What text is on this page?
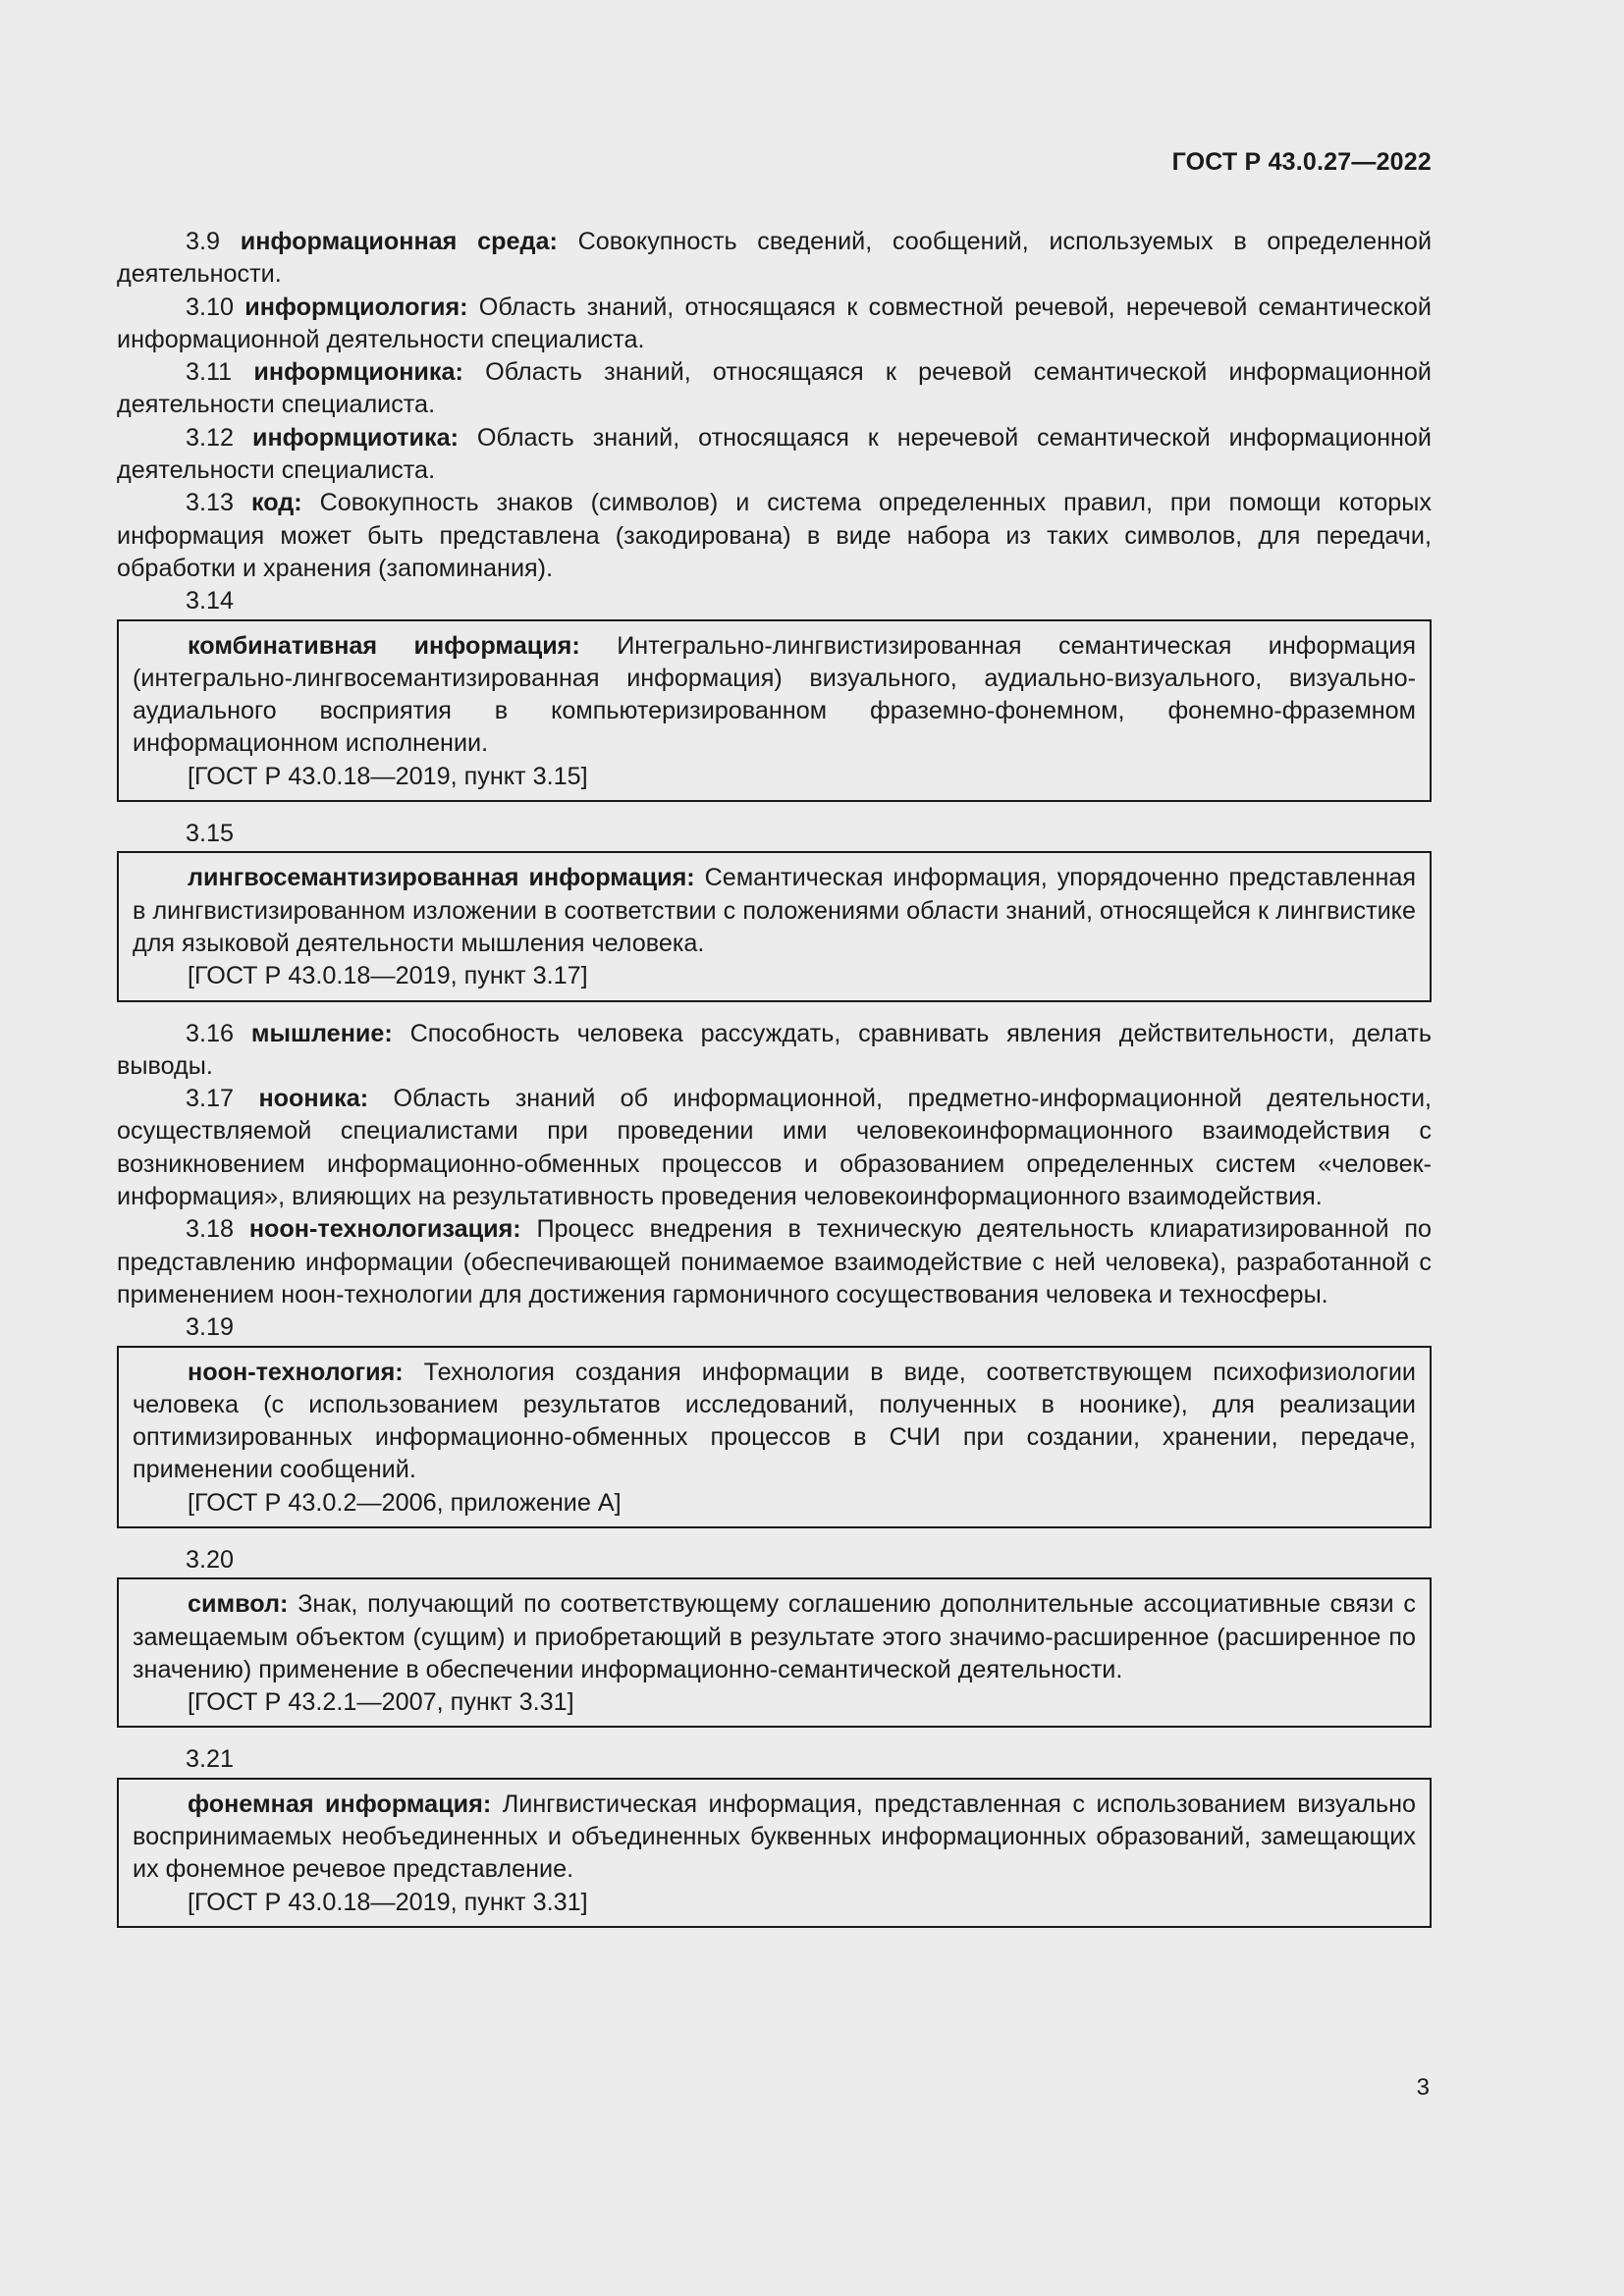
ГОСТ Р 43.0.27—2022

3.9 информационная среда: Совокупность сведений, сообщений, используемых в определенной деятельности.

3.10 информциология: Область знаний, относящаяся к совместной речевой, неречевой семантической информационной деятельности специалиста.

3.11 информционика: Область знаний, относящаяся к речевой семантической информационной деятельности специалиста.

3.12 информциотика: Область знаний, относящаяся к неречевой семантической информационной деятельности специалиста.

3.13 код: Совокупность знаков (символов) и система определенных правил, при помощи которых информация может быть представлена (закодирована) в виде набора из таких символов, для передачи, обработки и хранения (запоминания).

3.14

комбинативная информация: Интегрально-лингвистизированная семантическая информация (интегрально-лингвосемантизированная информация) визуального, аудиально-визуального, визуально-аудиального восприятия в компьютеризированном фраземно-фонемном, фонемно-фраземном информационном исполнении.

[ГОСТ Р 43.0.18—2019, пункт 3.15]

3.15

лингвосемантизированная информация: Семантическая информация, упорядоченно представленная в лингвистизированном изложении в соответствии с положениями области знаний, относящейся к лингвистике для языковой деятельности мышления человека.

[ГОСТ Р 43.0.18—2019, пункт 3.17]

3.16 мышление: Способность человека рассуждать, сравнивать явления действительности, делать выводы.

3.17 нооника: Область знаний об информационной, предметно-информационной деятельности, осуществляемой специалистами при проведении ими человекоинформационного взаимодействия с возникновением информационно-обменных процессов и образованием определенных систем «человек-информация», влияющих на результативность проведения человекоинформационного взаимодействия.

3.18 ноон-технологизация: Процесс внедрения в техническую деятельность клиаратизированной по представлению информации (обеспечивающей понимаемое взаимодействие с ней человека), разработанной с применением ноон-технологии для достижения гармоничного сосуществования человека и техносферы.

3.19

ноон-технология: Технология создания информации в виде, соответствующем психофизиологии человека (с использованием результатов исследований, полученных в ноонике), для реализации оптимизированных информационно-обменных процессов в СЧИ при создании, хранении, передаче, применении сообщений.

[ГОСТ Р 43.0.2—2006, приложение А]

3.20

символ: Знак, получающий по соответствующему соглашению дополнительные ассоциативные связи с замещаемым объектом (сущим) и приобретающий в результате этого значимо-расширенное (расширенное по значению) применение в обеспечении информационно-семантической деятельности.

[ГОСТ Р 43.2.1—2007, пункт 3.31]

3.21

фонемная информация: Лингвистическая информация, представленная с использованием визуально воспринимаемых необъединенных и объединенных буквенных информационных образований, замещающих их фонемное речевое представление.

[ГОСТ Р 43.0.18—2019, пункт 3.31]

3
